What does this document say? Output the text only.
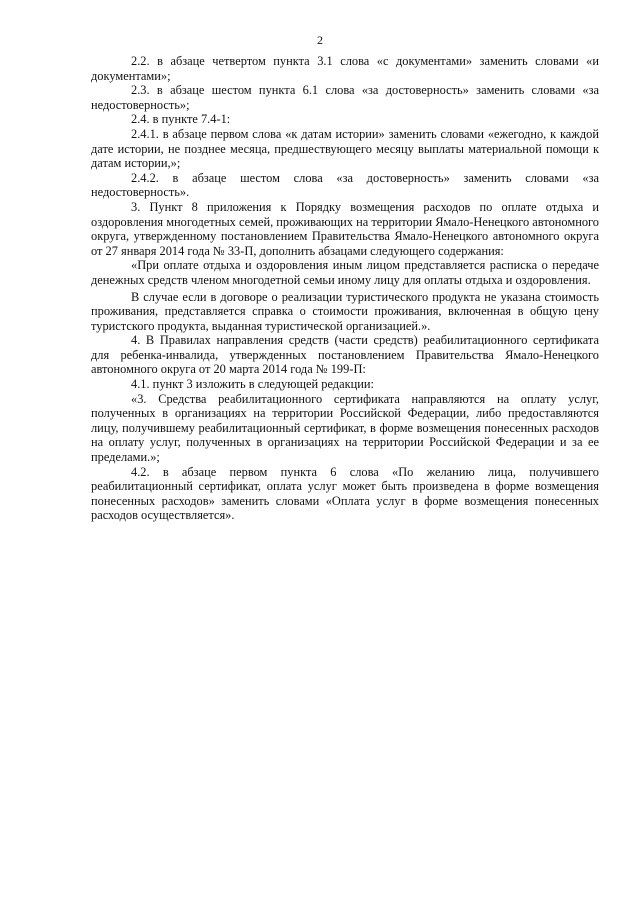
2

2.2. в абзаце четвертом пункта 3.1 слова «с документами» заменить словами «и документами»;

2.3. в абзаце шестом пункта 6.1 слова «за достоверность» заменить словами «за недостоверность»;

2.4. в пункте 7.4-1:

2.4.1. в абзаце первом слова «к датам истории» заменить словами «ежегодно, к каждой дате истории, не позднее месяца, предшествующего месяцу выплаты материальной помощи к датам истории,»;

2.4.2. в абзаце шестом слова «за достоверность» заменить словами «за недостоверность».

3. Пункт 8 приложения к Порядку возмещения расходов по оплате отдыха и оздоровления многодетных семей, проживающих на территории Ямало-Ненецкого автономного округа, утвержденному постановлением Правительства Ямало-Ненецкого автономного округа от 27 января 2014 года № 33-П, дополнить абзацами следующего содержания:

«При оплате отдыха и оздоровления иным лицом представляется расписка о передаче денежных средств членом многодетной семьи иному лицу для оплаты отдыха и оздоровления.

В случае если в договоре о реализации туристического продукта не указана стоимость проживания, представляется справка о стоимости проживания, включенная в общую цену туристского продукта, выданная туристической организацией.».

4. В Правилах направления средств (части средств) реабилитационного сертификата для ребенка-инвалида, утвержденных постановлением Правительства Ямало-Ненецкого автономного округа от 20 марта 2014 года № 199-П:

4.1. пункт 3 изложить в следующей редакции:

«3. Средства реабилитационного сертификата направляются на оплату услуг, полученных в организациях на территории Российской Федерации, либо предоставляются лицу, получившему реабилитационный сертификат, в форме возмещения понесенных расходов на оплату услуг, полученных в организациях на территории Российской Федерации и за ее пределами.»;

4.2. в абзаце первом пункта 6 слова «По желанию лица, получившего реабилитационный сертификат, оплата услуг может быть произведена в форме возмещения понесенных расходов» заменить словами «Оплата услуг в форме возмещения понесенных расходов осуществляется».
